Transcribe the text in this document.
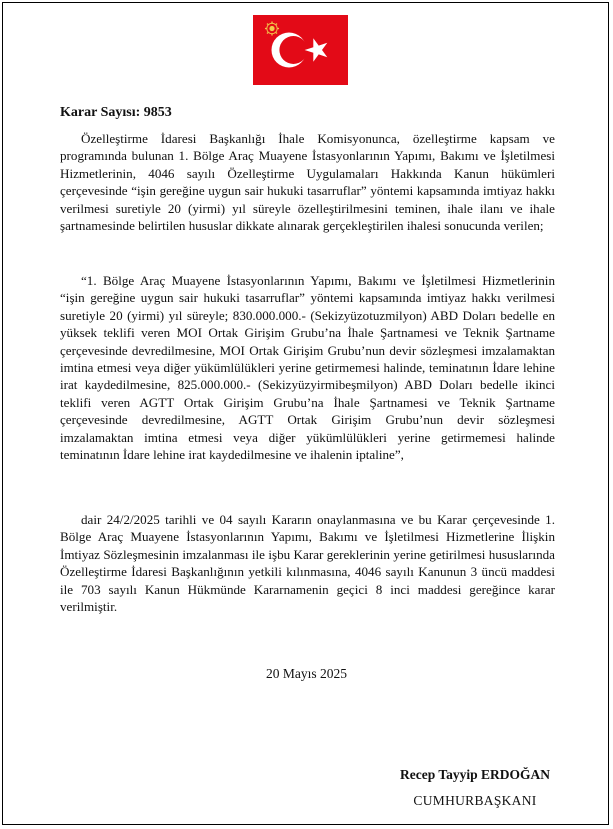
Karar Sayısı: 9853

Özelleştirme İdaresi Başkanlığı İhale Komisyonunca, özelleştirme kapsam ve programında bulunan 1. Bölge Araç Muayene İstasyonlarının Yapımı, Bakımı ve İşletilmesi Hizmetlerinin, 4046 sayılı Özelleştirme Uygulamaları Hakkında Kanun hükümleri çerçevesinde “işin gereğine uygun sair hukuki tasarruflar” yöntemi kapsamında imtiyaz hakkı verilmesi suretiyle 20 (yirmi) yıl süreyle özelleştirilmesini teminen, ihale ilanı ve ihale şartnamesinde belirtilen hususlar dikkate alınarak gerçekleştirilen ihalesi sonucunda verilen;

“1. Bölge Araç Muayene İstasyonlarının Yapımı, Bakımı ve İşletilmesi Hizmetlerinin “işin gereğine uygun sair hukuki tasarruflar” yöntemi kapsamında imtiyaz hakkı verilmesi suretiyle 20 (yirmi) yıl süreyle; 830.000.000.- (Sekizyüzotuzmilyon) ABD Doları bedelle en yüksek teklifi veren MOI Ortak Girişim Grubu’na İhale Şartnamesi ve Teknik Şartname çerçevesinde devredilmesine, MOI Ortak Girişim Grubu’nun devir sözleşmesi imzalamaktan imtina etmesi veya diğer yükümlülükleri yerine getirmemesi halinde, teminatının İdare lehine irat kaydedilmesine, 825.000.000.- (Sekizyüzyirmibeşmilyon) ABD Doları bedelle ikinci teklifi veren AGTT Ortak Girişim Grubu’na İhale Şartnamesi ve Teknik Şartname çerçevesinde devredilmesine, AGTT Ortak Girişim Grubu’nun devir sözleşmesi imzalamaktan imtina etmesi veya diğer yükümlülükleri yerine getirmemesi halinde teminatının İdare lehine irat kaydedilmesine ve ihalenin iptaline”,

dair 24/2/2025 tarihli ve 04 sayılı Kararın onaylanmasına ve bu Karar çerçevesinde 1. Bölge Araç Muayene İstasyonlarının Yapımı, Bakımı ve İşletilmesi Hizmetlerine İlişkin İmtiyaz Sözleşmesinin imzalanması ile işbu Karar gereklerinin yerine getirilmesi hususlarında Özelleştirme İdaresi Başkanlığının yetkili kılınmasına, 4046 sayılı Kanunun 3 üncü maddesi ile 703 sayılı Kanun Hükmünde Kararnamenin geçici 8 inci maddesi gereğince karar verilmiştir.

20 Mayıs 2025
Recep Tayyip ERDOĞAN
CUMHURBAŞKANI
